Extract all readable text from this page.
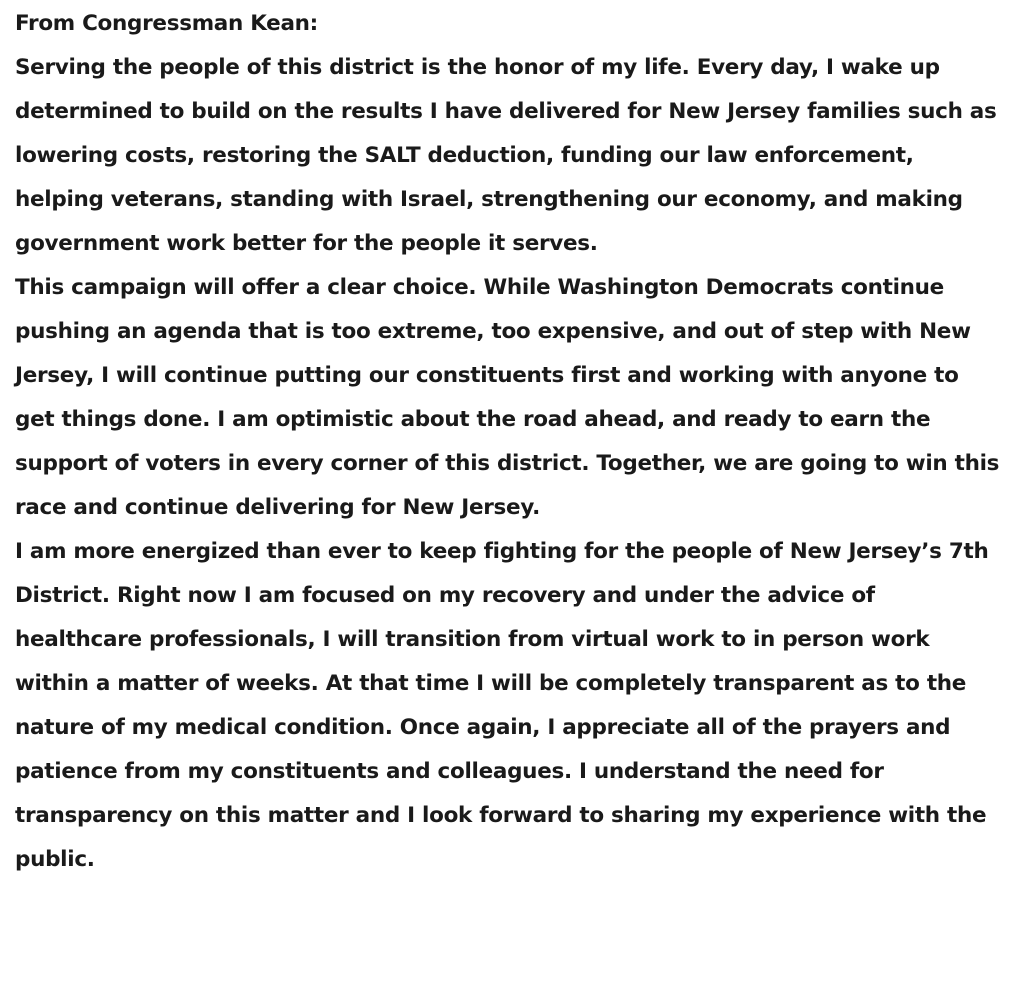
From Congressman Kean:

Serving the people of this district is the honor of my life. Every day, I wake up determined to build on the results I have delivered for New Jersey families such as lowering costs, restoring the SALT deduction, funding our law enforcement, helping veterans, standing with Israel, strengthening our economy, and making government work better for the people it serves.

This campaign will offer a clear choice. While Washington Democrats continue pushing an agenda that is too extreme, too expensive, and out of step with New Jersey, I will continue putting our constituents first and working with anyone to get things done. I am optimistic about the road ahead, and ready to earn the support of voters in every corner of this district. Together, we are going to win this race and continue delivering for New Jersey.

I am more energized than ever to keep fighting for the people of New Jersey’s 7th District. Right now I am focused on my recovery and under the advice of healthcare professionals, I will transition from virtual work to in person work within a matter of weeks. At that time I will be completely transparent as to the nature of my medical condition. Once again, I appreciate all of the prayers and patience from my constituents and colleagues. I understand the need for transparency on this matter and I look forward to sharing my experience with the public.
